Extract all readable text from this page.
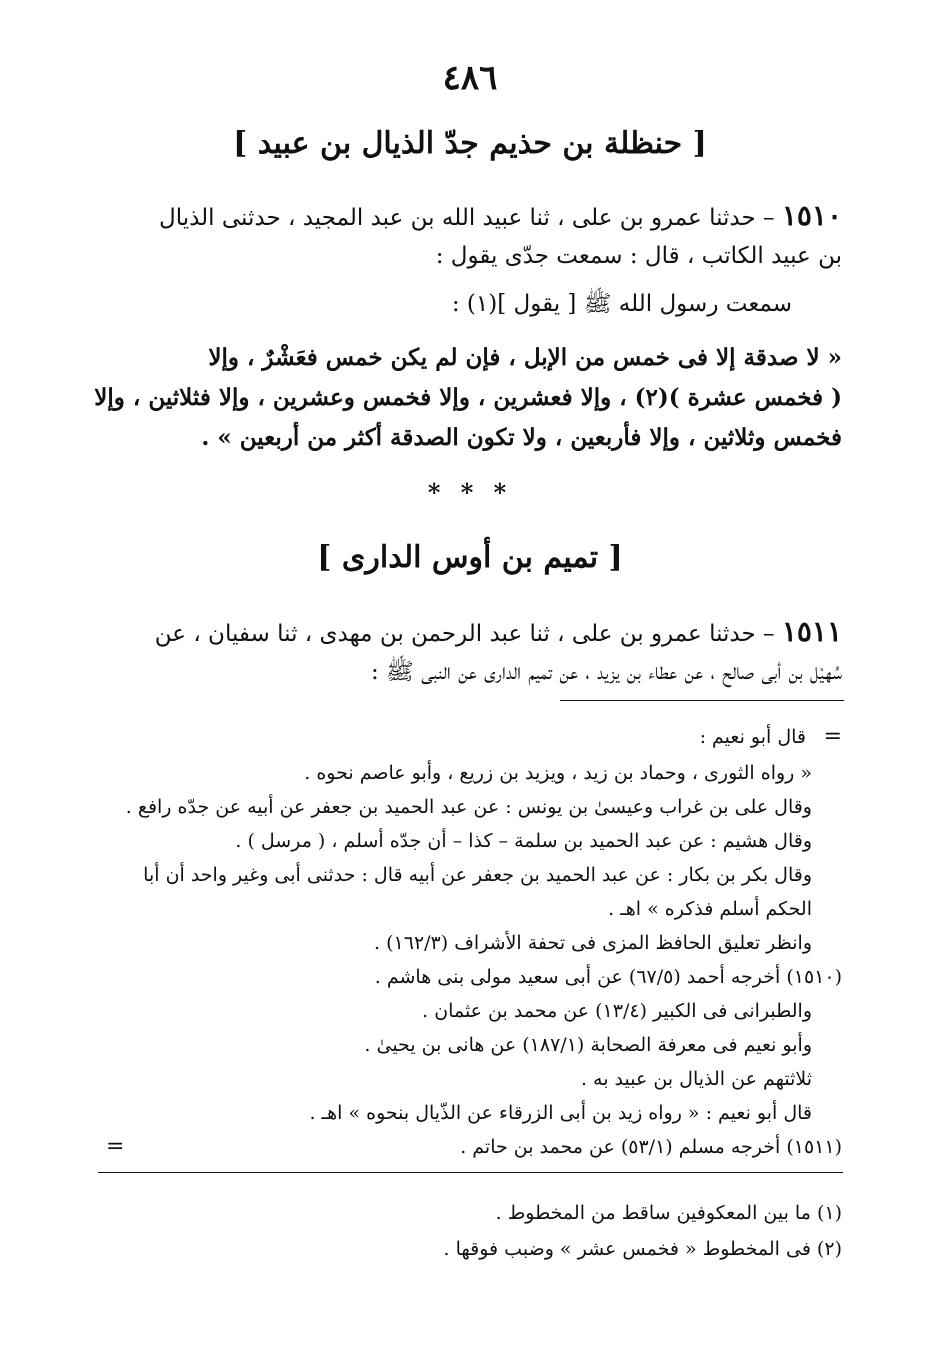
٤٨٦
[ حنظلة بن حذيم جدّ الذيال بن عبيد ]
١٥١٠ – حدثنا عمرو بن على ، ثنا عبيد الله بن عبد المجيد ، حدثنى الذيال
بن عبيد الكاتب ، قال : سمعت جدّى يقول :
سمعت رسول الله ﷺ [ يقول ](١) :
« لا صدقة إلا فى خمس من الإبل ، فإن لم يكن خمس فعَشْرٌ ، وإلا
( فخمس عشرة )(٢) ، وإلا فعشرين ، وإلا فخمس وعشرين ، وإلا فثلاثين ، وإلا
فخمس وثلاثين ، وإلا فأربعين ، ولا تكون الصدقة أكثر من أربعين » .
* * *
[ تميم بن أوس الدارى ]
١٥١١ – حدثنا عمرو بن على ، ثنا عبد الرحمن بن مهدى ، ثنا سفيان ، عن
سُهيْل بن أبى صالح ، عن عطاء بن يزيد ، عن تميم الدارى عن النبى ﷺ :
=
قال أبو نعيم :
« رواه الثورى ، وحماد بن زيد ، ويزيد بن زريع ، وأبو عاصم نحوه .
وقال على بن غراب وعيسىٰ بن يونس : عن عبد الحميد بن جعفر عن أبيه عن جدّه رافع .
وقال هشيم : عن عبد الحميد بن سلمة – كذا – أن جدّه أسلم ، ( مرسل ) .
وقال بكر بن بكار : عن عبد الحميد بن جعفر عن أبيه قال : حدثنى أبى وغير واحد أن أبا
الحكم أسلم فذكره » اهـ .
وانظر تعليق الحافظ المزى فى تحفة الأشراف (١٦٢/٣) .
(١٥١٠) أخرجه أحمد (٦٧/٥) عن أبى سعيد مولى بنى هاشم .
والطبرانى فى الكبير (١٣/٤) عن محمد بن عثمان .
وأبو نعيم فى معرفة الصحابة (١٨٧/١) عن هانى بن يحيىٰ .
ثلاثتهم عن الذيال بن عبيد به .
قال أبو نعيم : « رواه زيد بن أبى الزرقاء عن الذّيال بنحوه » اهـ .
(١٥١١) أخرجه مسلم (٥٣/١) عن محمد بن حاتم .
=
(١) ما بين المعكوفين ساقط من المخطوط .
(٢) فى المخطوط « فخمس عشر » وضبب فوقها .
